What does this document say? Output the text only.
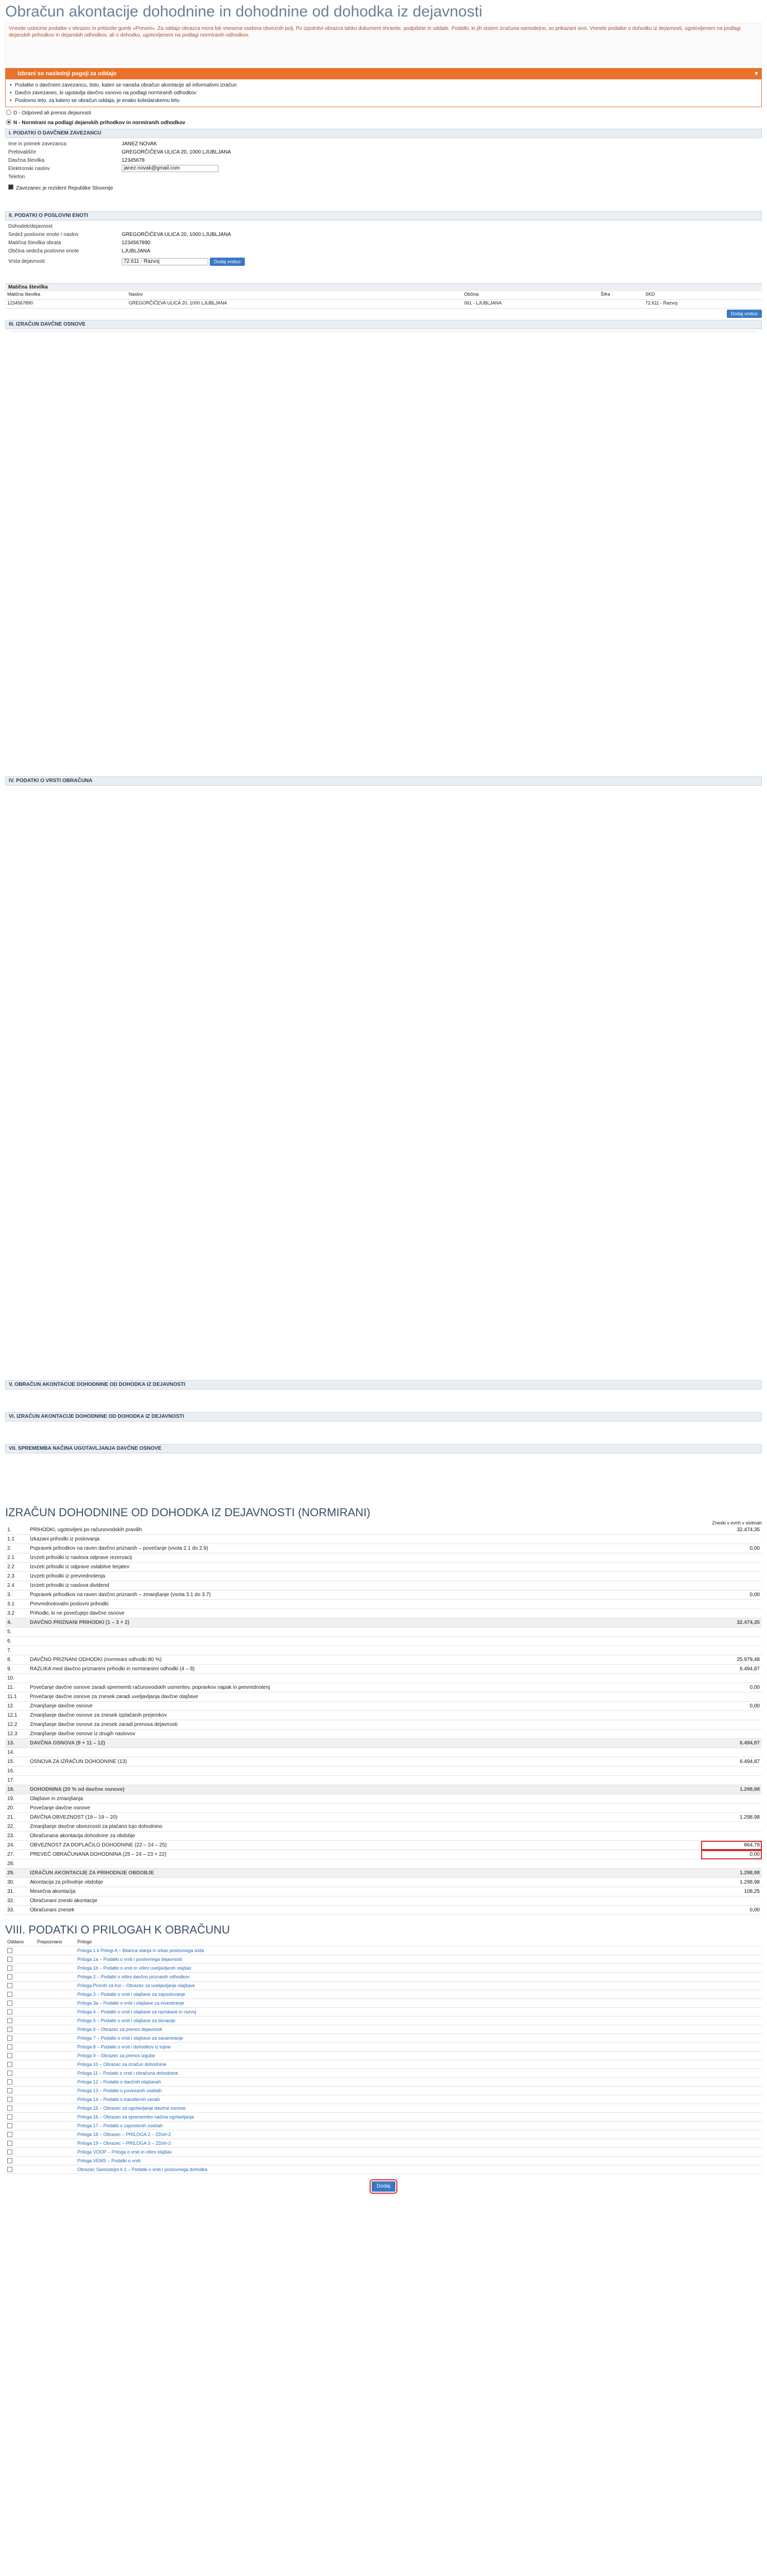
Obračun akontacije dohodnine in dohodnine od dohodka iz dejavnosti
Vnesite ustrezne podatke v obrazec in pritisnite gumb »Preveri«. Za oddajo obrazca mora biti vnesena vsebina obveznih polj. Po izpolnitvi obrazca lahko dokument shranite, podpišete in oddate. Podatki, ki jih sistem izračuna samodejno, so prikazani sivo. Vnesite podatke o dohodku iz dejavnosti, ugotovljenem na podlagi dejanskih prihodkov in dejanskih odhodkov, ali o dohodku, ugotovljenem na podlagi normiranih odhodkov.
Izbrani so naslednji pogoji za oddajo	▾
• Podatke o davčnem zavezancu, tisto, kateri se nanaša obračun akontacije ali informativni izračun
• Davčni zavezanec, ki ugotavlja davčno osnovo na podlagi normiranih odhodkov
• Poslovno leto, za katero se obračun oddaja, je enako koledarskemu letu
D - Odpoved ali prenos dejavnosti
N - Normirani na podlagi dejanskih prihodkov in normiranih odhodkov
I. PODATKI O DAVČNEM ZAVEZANCU
Ime in priimek zavezanca	JANEZ NOVAK
Prebivališče	GREGORČIČEVA ULICA 20, 1000 LJUBLJANA
Davčna številka	12345678
Elektronski naslov	janez.novak@gmail.com
Telefon
Zavezanec je rezident Republike Slovenije
II. PODATKI O POSLOVNI ENOTI
Dohodek/dejavnost
Sedež poslovne enote / naslov	GREGORČIČEVA ULICA 20, 1000 LJUBLJANA
Matična številka obrata	1234567890
Občina sedeža poslovne enote	LJUBLJANA
Vrsta dejavnosti	72.611 - Razvoj	Dodaj vrstico
Matična številka
Matična številka	Naslov	Občina	Šifra	SKD
1234567890	GREGORČIČEVA ULICA 20, 1000 LJUBLJANA	061 - LJUBLJANA		72.611 - Razvoj
Dodaj vrstico
III. IZRAČUN DAVČNE OSNOVE
IV. PODATKI O VRSTI OBRAČUNA
V. OBRAČUN AKONTACIJE DOHODNINE OD DOHODKA IZ DEJAVNOSTI
VI. IZRAČUN AKONTACIJE DOHODNINE OD DOHODKA IZ DEJAVNOSTI
VII. SPREMEMBA NAČINA UGOTAVLJANJA DAVČNE OSNOVE
IZRAČUN DOHODNINE OD DOHODKA IZ DEJAVNOSTI (NORMIRANI)
Zneski v evrih v stotinah
1.	PRIHODKI, ugotovljeni po računovodskih pravilih	32.474,35
1.1	Izkazani prihodki iz poslovanja	
2.	Popravek prihodkov na raven davčno priznanih – povečanje (vsota 2.1 do 2.9)	0,00
2.1	Izvzeti prihodki iz naslova odprave rezervacij	
2.2	Izvzeti prihodki iz odprave oslabitve terjatev	
2.3	Izvzeti prihodki iz prevrednotenja	
2.4	Izvzeti prihodki iz naslova dividend	
3.	Popravek prihodkov na raven davčno priznanih – zmanjšanje (vsota 3.1 do 3.7)	0,00
3.1	Prevrednotovalni poslovni prihodki	
3.2	Prihodki, ki ne povečujejo davčne osnove	
4.	DAVČNO PRIZNANI PRIHODKI (1 – 3 + 2)	32.474,35
5.		
6.		
7.		
8.	DAVČNO PRIZNANI ODHODKI (normirani odhodki 80 %)	25.979,48
9.	RAZLIKA med davčno priznanimi prihodki in normiranimi odhodki (4 – 8)	6.494,87
10.		
11.	Povečanje davčne osnove zaradi sprememb računovodskih usmeritev, popravkov napak in prevrednotenj	0,00
11.1	Povečanje davčne osnove za znesek zaradi uveljavljanja davčne olajšave	
12.	Zmanjšanje davčne osnove	0,00
12.1	Zmanjšanje davčne osnove za znesek izplačanih prejemkov	
12.2	Zmanjšanje davčne osnove za znesek zaradi prenosa dejavnosti	
12.3	Zmanjšanje davčne osnove iz drugih naslovov	
13.	DAVČNA OSNOVA (9 + 11 – 12)	6.494,87
14.		
15.	OSNOVA ZA IZRAČUN DOHODNINE (13)	6.494,87
16.		
17.		
18.	DOHODNINA (20 % od davčne osnove)	1.298,98
19.	Olajšave in zmanjšanja	
20.	Povečanje davčne osnove	
21.	DAVČNA OBVEZNOST (18 – 19 – 20)	1.298,98
22.	Zmanjšanje davčne obveznosti za plačano tujo dohodnino	
23.	Obračunana akontacija dohodnine za obdobje	
24.	OBVEZNOST ZA DOPLAČILO DOHODNINE (22 – 24 – 25)	864,79
27.	PREVEČ OBRAČUNANA DOHODNINA (25 – 24 – 23 + 22)	0,00
28.		
29.	IZRAČUN AKONTACIJE ZA PRIHODNJE OBDOBJE	1.298,98
30.	Akontacija za prihodnje obdobje	1.298,98
31.	Mesečna akontacija	108,25
32.	Obračunani zneski akontacije	
33.	Obračunani znesek	0,00
VIII. PODATKI O PRILOGAH K OBRAČUNU
Oddano	Prepoznano	Priloge
		Priloga 1 k Prilogi A – Bilanca stanja in izkaz poslovnega izida
		Priloga 1a – Podatki o vrsti i poslovnega dejavnosti
		Priloga 1b – Podatki o vrsti in višini uveljavljenih olajšav
		Priloga 2 – Podatki o višini davčno priznanih odhodkov
		Priloga Priznih za Ksi – Obrazec za uveljavljanje olajšave
		Priloga 3 – Podatki o vrsti i olajšave za zaposlovanje
		Priloga 3a – Podatki o vrsti i olajšave za investiranje
		Priloga 4 – Podatki o vrsti i olajšave za raziskave in razvoj
		Priloga 5 – Podatki o vrsti i olajšave za donacije
		Priloga 6 – Obrazec za prenos dejavnosti
		Priloga 7 – Podatki o vrsti i olajšave za zavarovanje
		Priloga 8 – Podatki o vrsti i dohodkov iz tujine
		Priloga 9 – Obrazec za prenos izgube
		Priloga 10 – Obrazec za izračun dohodnine
		Priloga 11 – Podatki o vrsti i obračuna dohodnine
		Priloga 12 – Podatki o davčnih olajšavah
		Priloga 13 – Podatki o povezanih osebah
		Priloga 14 – Podatki o transfernih cenah
		Priloga 15 – Obrazec za ugotavljanje davčne osnove
		Priloga 16 – Obrazec za spremembo načina ugotavljanja
		Priloga 17 – Podatki o zaposlenih osebah
		Priloga 18 – Obrazec – PRILOGA 2 – ZDoh-2
		Priloga 19 – Obrazec – PRILOGA 3 – ZDoh-2
		Priloga VOOP – Priloga o vrsti in višini olajšav
		Priloga VEMS – Podatki o vrsti
		Obrazec Samostojni k 1 – Podatki o vrsti i poslovnega dohodka
Dodaj
